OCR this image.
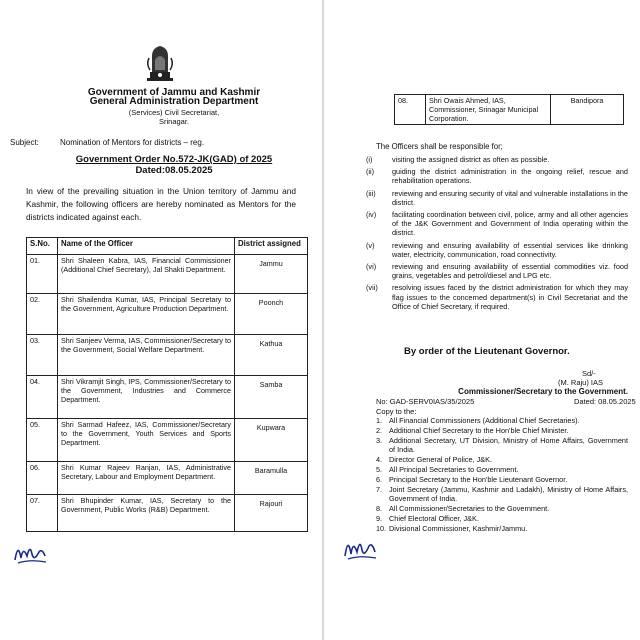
Government of Jammu and Kashmir
General Administration Department
(Services) Civil Secretariat,
Srinagar.
Subject:	Nomination of Mentors for districts – reg.
Government Order No.572-JK(GAD) of 2025
Dated:08.05.2025
In view of the prevailing situation in the Union territory of Jammu and Kashmir, the following officers are hereby nominated as Mentors for the districts indicated against each.
S.No.	Name of the Officer	District assigned
01.	Shri Shaleen Kabra, IAS, Financial Commissioner (Additional Chief Secretary), Jal Shakti Department.	Jammu

02.	Shri Shailendra Kumar, IAS, Principal Secretary to the Government, Agriculture Production Department.	Poonch

03.	Shri Sanjeev Verma, IAS, Commissioner/Secretary to the Government, Social Welfare Department.	Kathua

04.	Shri Vikramjit Singh, IPS, Commissioner/Secretary to the Government, Industries and Commerce Department.	Samba

05.	Shri Sarmad Hafeez, IAS, Commissioner/Secretary to the Government, Youth Services and Sports Department.	Kupwara

06.	Shri Kumar Rajeev Ranjan, IAS, Administrative Secretary, Labour and Employment Department.	Baramulla

07.	Shri Bhupinder Kumar, IAS, Secretary to the Government, Public Works (R&B) Department.	Rajouri
08.	Shri Owais Ahmed, IAS, Commissioner, Srinagar Municipal Corporation.	Bandipora
The Officers shall be responsible for;
(i)	visiting the assigned district as often as possible.
(ii) guiding the district administration in the ongoing relief, rescue and rehabilitation operations.
(iii) reviewing and ensuring security of vital and vulnerable installations in the district.
(iv) facilitating coordination between civil, police, army and all other agencies of the J&K Government and Government of India operating within the district.
(v) reviewing and ensuring availability of essential services like drinking water, electricity, communication, road connectivity.
(vi) reviewing and ensuring availability of essential commodities viz. food grains, vegetables and petrol/diesel and LPG etc.
(vii) resolving issues faced by the district administration for which they may flag issues to the concerned department(s) in Civil Secretariat and the Office of Chief Secretary, if required.
By order of the Lieutenant Governor.
Sd/-
(M. Raju) IAS
Commissioner/Secretary to the Government.
No: GAD-SERV0IAS/35/2025	Dated: 08.05.2025
Copy to the:
1. All Financial Commissioners (Additional Chief Secretaries).
2. Additional Chief Secretary to the Hon'ble Chief Minister.
3. Additional Secretary, UT Division, Ministry of Home Affairs, Government of India.
4. Director General of Police, J&K.
5. All Principal Secretaries to Government.
6. Principal Secretary to the Hon'ble Lieutenant Governor.
7. Joint Secretary (Jammu, Kashmir and Ladakh), Ministry of Home Affairs, Government of India.
8. All Commissioner/Secretaries to the Government.
9. Chief Electoral Officer, J&K.
10. Divisional Commissioner, Kashmir/Jammu.
